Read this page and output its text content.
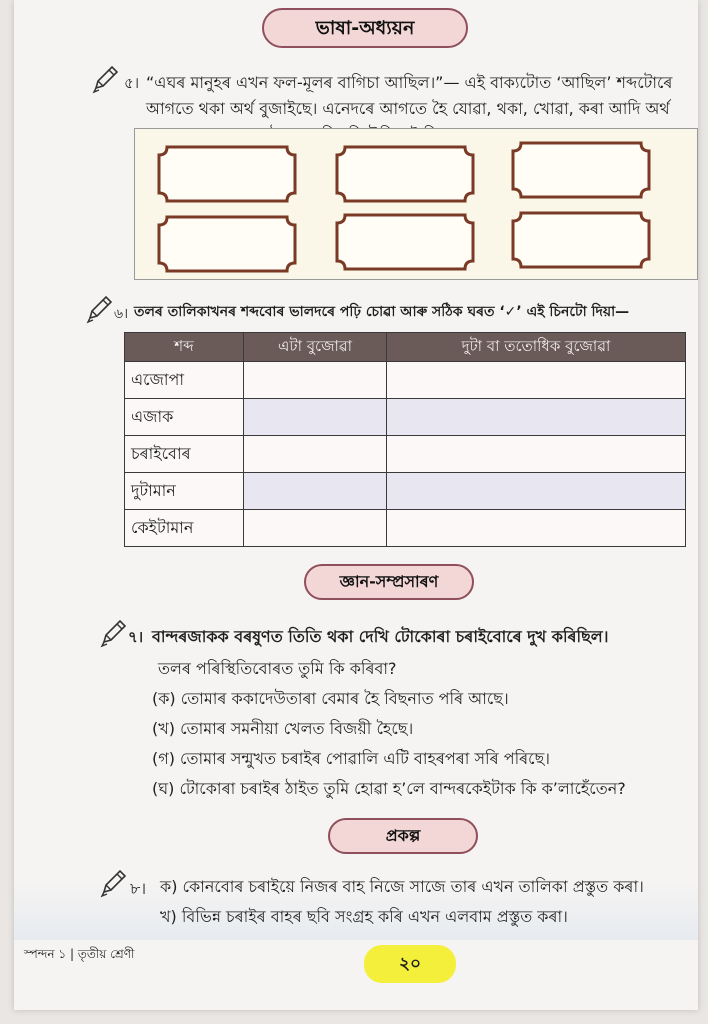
ভাষা-অধ্যয়ন
৫। “এঘৰ মানুহৰ এখন ফল-মূলৰ বাগিচা আছিল।”— এই বাক্যটোত ‘আছিল’ শব্দটোৰে
আগতে থকা অৰ্থ বুজাইছে। এনেদৰে আগতে হৈ যোৱা, থকা, খোৱা, কৰা আদি অৰ্থ
৬। তলৰ তালিকাখনৰ শব্দবোৰ ভালদৰে পঢ়ি চোৱা আৰু সঠিক ঘৰত ‘✓’ এই চিনটো দিয়া—
শব্দ	এটা বুজোৱা	দুটা বা ততোধিক বুজোৱা
এজোপা		
এজাক		
চৰাইবোৰ		
দুটামান		
কেইটামান		
জ্ঞান-সম্প্ৰসাৰণ
৭। বান্দৰজাকক বৰষুণত তিতি থকা দেখি টোকোৰা চৰাইবোৰে দুখ কৰিছিল।
তলৰ পৰিস্থিতিবোৰত তুমি কি কৰিবা?
(ক) তোমাৰ ককাদেউতাৰা বেমাৰ হৈ বিছনাত পৰি আছে।
(খ) তোমাৰ সমনীয়া খেলত বিজয়ী হৈছে।
(গ) তোমাৰ সন্মুখত চৰাইৰ পোৱালি এটি বাহৰপৰা সৰি পৰিছে।
(ঘ) টোকোৰা চৰাইৰ ঠাইত তুমি হোৱা হ’লে বান্দৰকেইটাক কি ক’লাহেঁতেন?
প্ৰকল্প
৮। ক) কোনবোৰ চৰাইয়ে নিজৰ বাহ নিজে সাজে তাৰ এখন তালিকা প্ৰস্তুত কৰা।
খ) বিভিন্ন চৰাইৰ বাহৰ ছবি সংগ্ৰহ কৰি এখন এলবাম প্ৰস্তুত কৰা।
স্পন্দন ১ | তৃতীয় শ্ৰেণী	২০
